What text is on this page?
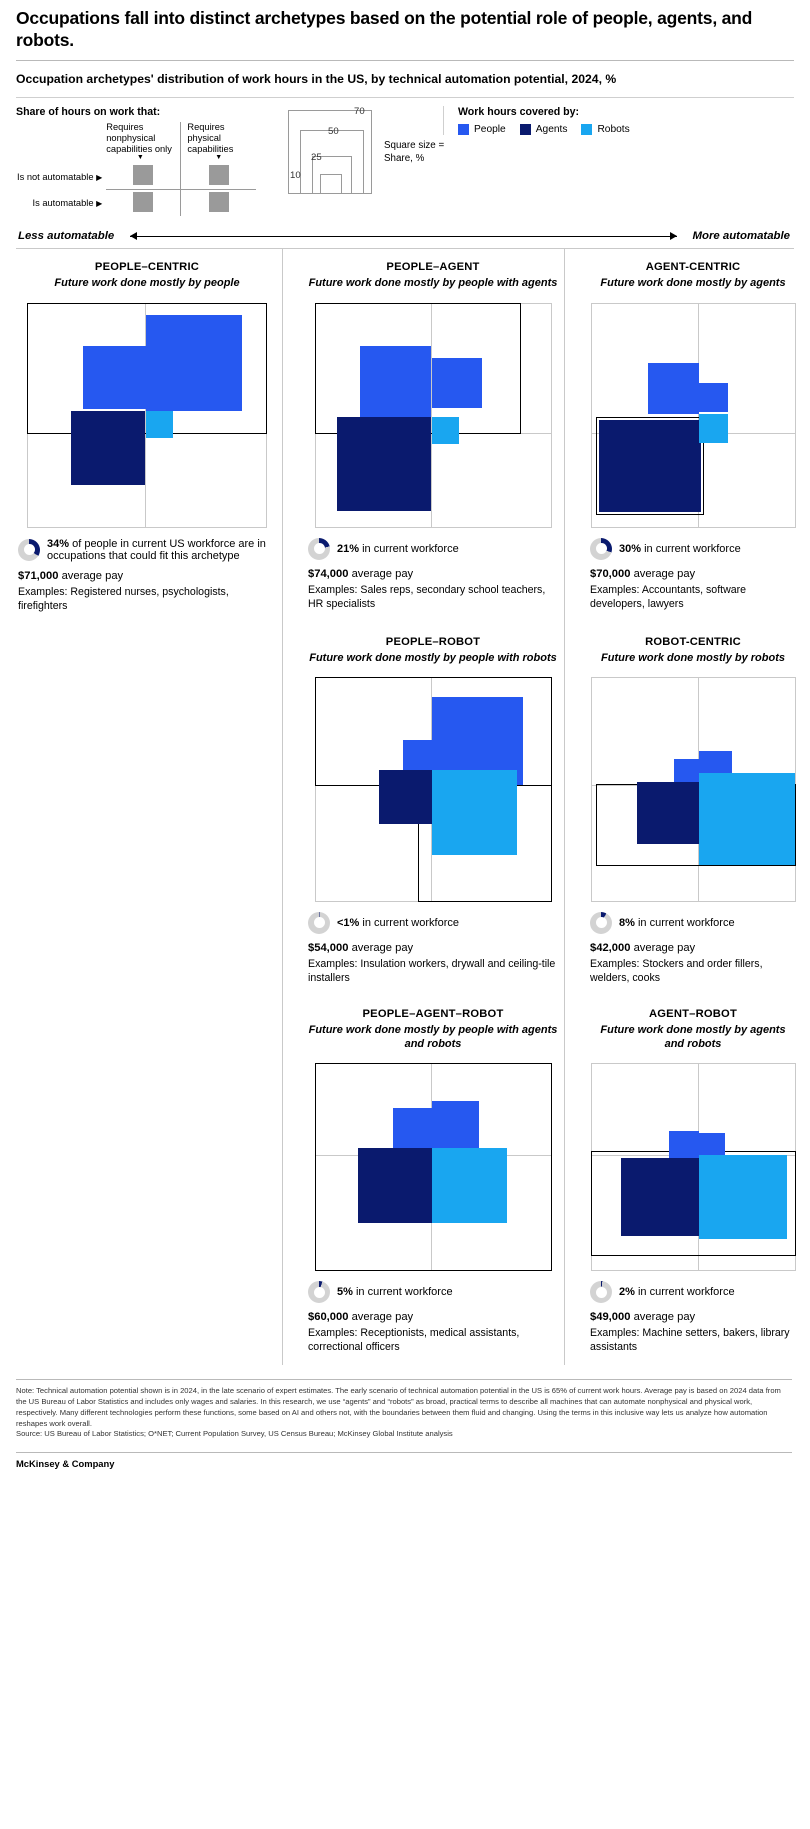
Occupations fall into distinct archetypes based on the potential role of people, agents, and robots.
Occupation archetypes' distribution of work hours in the US, by technical automation potential, 2024, %
Share of hours on work that:

Requires nonphysical capabilities only
▼

Requires physical capabilities
▼

Is not automatable ▶		
Is automatable ▶		
70
50
25
10
Square size = Share, %
Work hours covered by:
People	Agents	Robots
Less automatable	More automatable
PEOPLE–CENTRIC
Future work done mostly by people
34% of people in current US workforce are in occupations that could fit this archetype
$71,000 average pay
Examples: Registered nurses, psychologists, firefighters
PEOPLE–AGENT
Future work done mostly by people with agents
21% in current workforce
$74,000 average pay
Examples: Sales reps, secondary school teachers, HR specialists
AGENT-CENTRIC
Future work done mostly by agents
30% in current workforce
$70,000 average pay
Examples: Accountants, software developers, lawyers
PEOPLE–ROBOT
Future work done mostly by people with robots
<1% in current workforce
$54,000 average pay
Examples: Insulation workers, drywall and ceiling-tile installers
ROBOT-CENTRIC
Future work done mostly by robots
8% in current workforce
$42,000 average pay
Examples: Stockers and order fillers, welders, cooks
PEOPLE–AGENT–ROBOT
Future work done mostly by people with agents and robots
5% in current workforce
$60,000 average pay
Examples: Receptionists, medical assistants, correctional officers
AGENT–ROBOT
Future work done mostly by agents and robots
2% in current workforce
$49,000 average pay
Examples: Machine setters, bakers, library assistants
Note: Technical automation potential shown is in 2024, in the late scenario of expert estimates. The early scenario of technical automation potential in the US is 65% of current work hours. Average pay is based on 2024 data from the US Bureau of Labor Statistics and includes only wages and salaries. In this research, we use “agents” and “robots” as broad, practical terms to describe all machines that can automate nonphysical and physical work, respectively. Many different technologies perform these functions, some based on AI and others not, with the boundaries between them fluid and changing. Using the terms in this inclusive way lets us analyze how automation reshapes work overall.
Source: US Bureau of Labor Statistics; O*NET; Current Population Survey, US Census Bureau; McKinsey Global Institute analysis
McKinsey & Company
